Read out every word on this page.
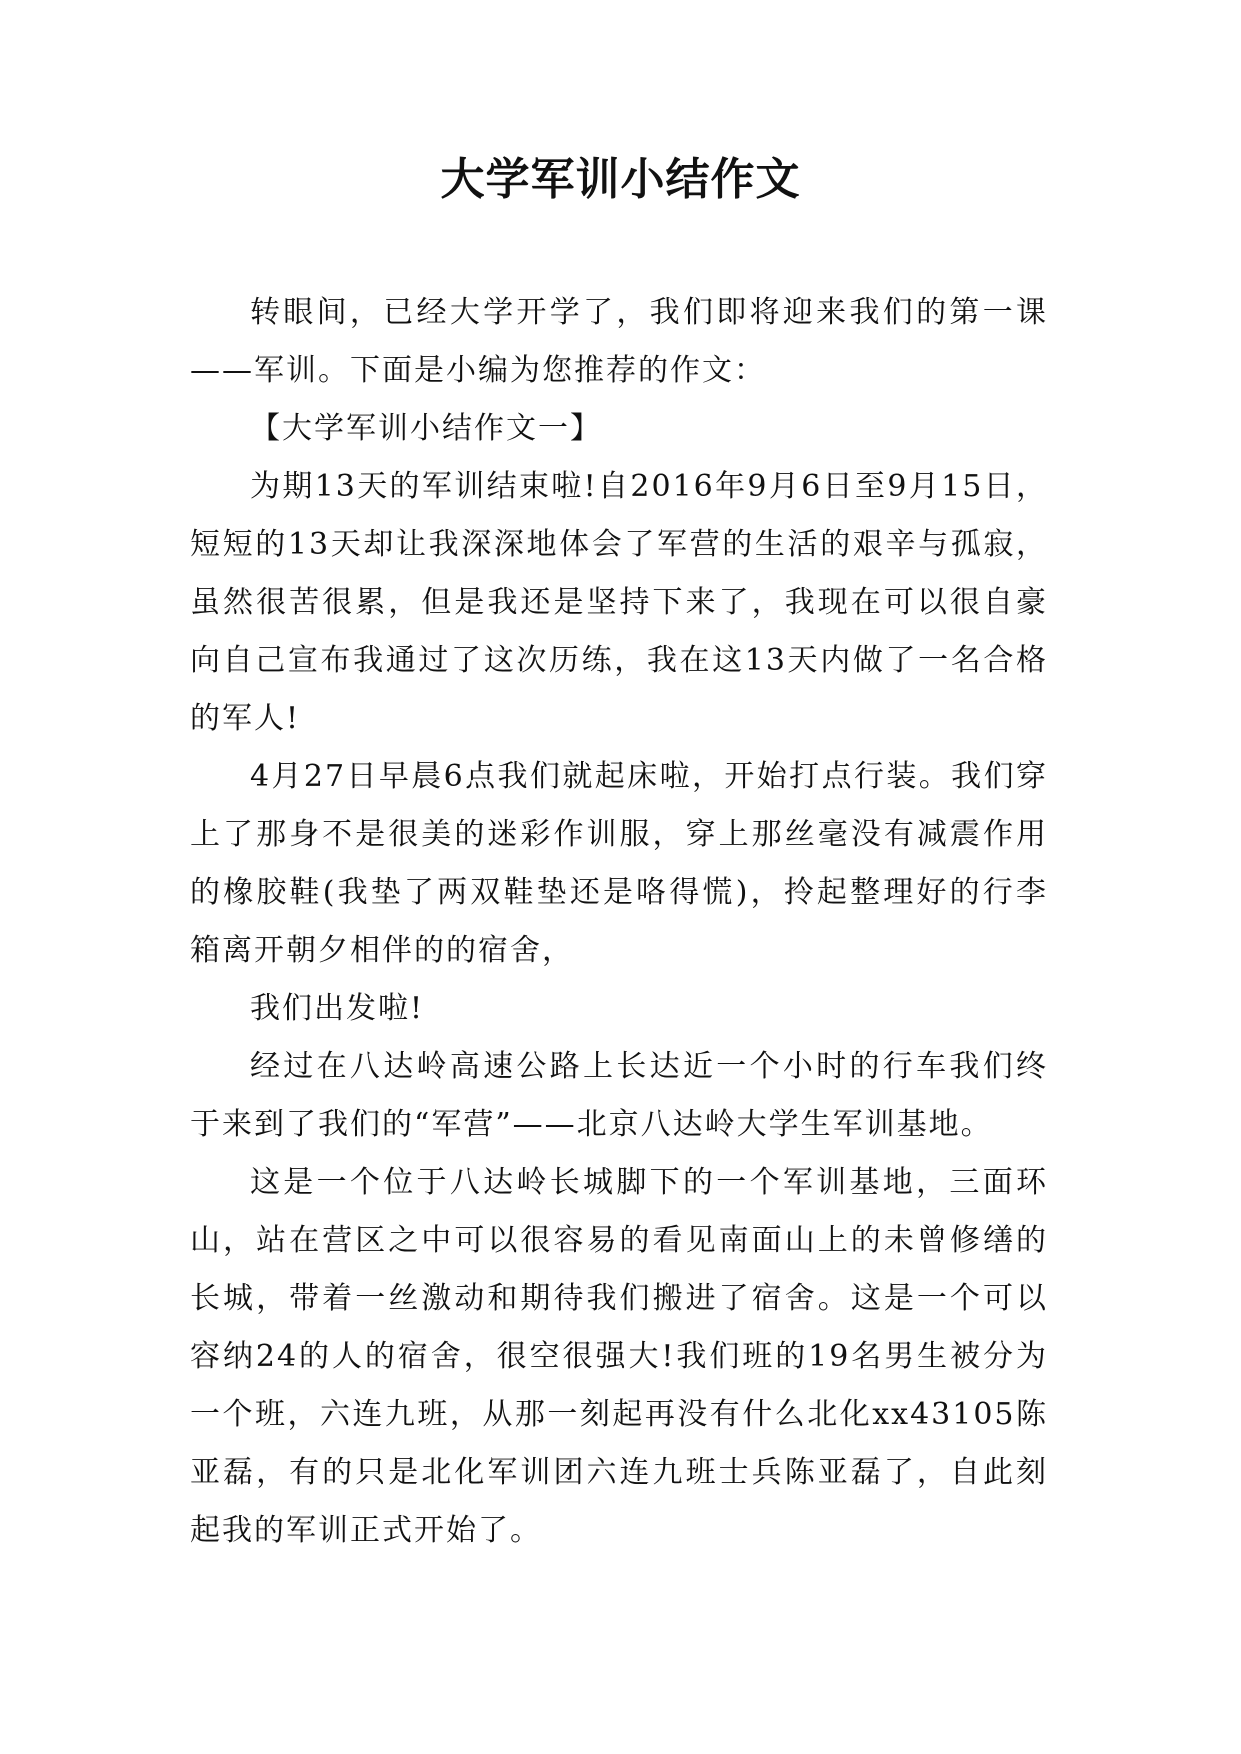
大学军训小结作文

转眼间，已经大学开学了，我们即将迎来我们的第一课——军训。下面是小编为您推荐的作文：

【大学军训小结作文一】

为期13天的军训结束啦!自2016年9月6日至9月15日，短短的13天却让我深深地体会了军营的生活的艰辛与孤寂，虽然很苦很累，但是我还是坚持下来了，我现在可以很自豪向自己宣布我通过了这次历练，我在这13天内做了一名合格的军人!

4月27日早晨6点我们就起床啦，开始打点行装。我们穿上了那身不是很美的迷彩作训服，穿上那丝毫没有减震作用的橡胶鞋(我垫了两双鞋垫还是咯得慌)，拎起整理好的行李箱离开朝夕相伴的的宿舍，

我们出发啦!

经过在八达岭高速公路上长达近一个小时的行车我们终于来到了我们的“军营”——北京八达岭大学生军训基地。

这是一个位于八达岭长城脚下的一个军训基地，三面环山，站在营区之中可以很容易的看见南面山上的未曾修缮的长城，带着一丝激动和期待我们搬进了宿舍。这是一个可以容纳24的人的宿舍，很空很强大!我们班的19名男生被分为一个班，六连九班，从那一刻起再没有什么北化xx43105陈亚磊，有的只是北化军训团六连九班士兵陈亚磊了，自此刻起我的军训正式开始了。
